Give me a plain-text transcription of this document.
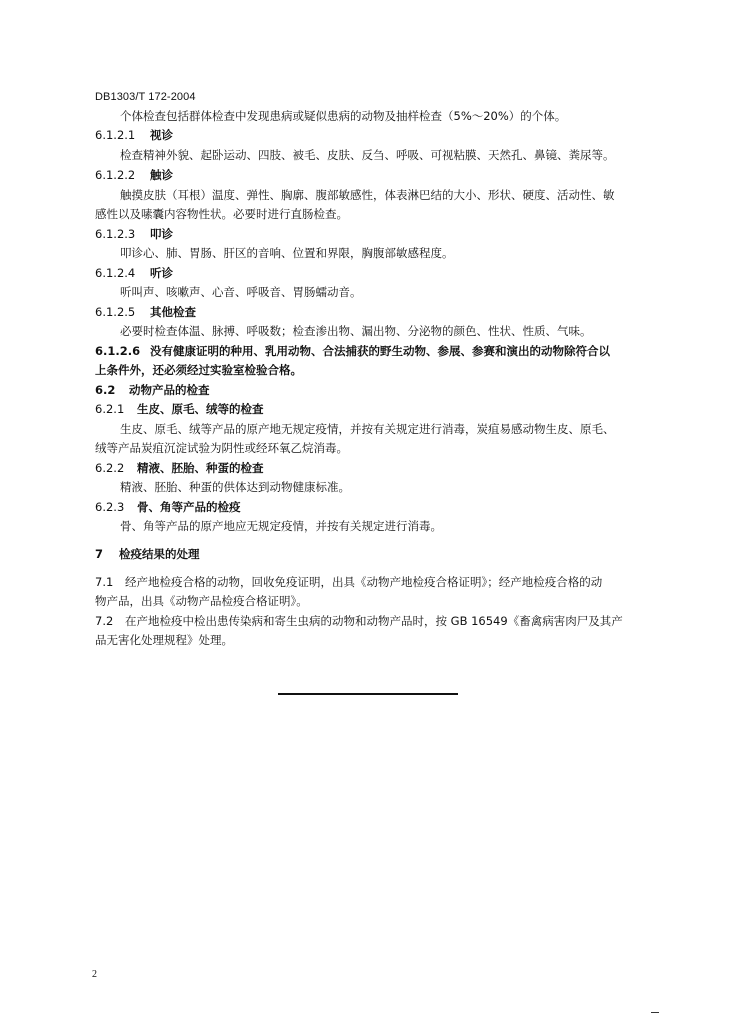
DB1303/T 172-2004
个体检查包括群体检查中发现患病或疑似患病的动物及抽样检查（5%～20%）的个体。
6.1.2.1 视诊
检查精神外貌、起卧运动、四肢、被毛、皮肤、反刍、呼吸、可视粘膜、天然孔、鼻镜、粪尿等。
6.1.2.2 触诊
触摸皮肤（耳根）温度、弹性、胸廓、腹部敏感性，体表淋巴结的大小、形状、硬度、活动性、敏
感性以及嗉囊内容物性状。必要时进行直肠检查。
6.1.2.3 叩诊
叩诊心、肺、胃肠、肝区的音响、位置和界限，胸腹部敏感程度。
6.1.2.4 听诊
听叫声、咳嗽声、心音、呼吸音、胃肠蠕动音。
6.1.2.5 其他检查
必要时检查体温、脉搏、呼吸数；检查渗出物、漏出物、分泌物的颜色、性状、性质、气味。
6.1.2.6 没有健康证明的种用、乳用动物、合法捕获的野生动物、参展、参赛和演出的动物除符合以
上条件外，还必须经过实验室检验合格。
6.2 动物产品的检查
6.2.1 生皮、原毛、绒等的检查
生皮、原毛、绒等产品的原产地无规定疫情，并按有关规定进行消毒，炭疽易感动物生皮、原毛、
绒等产品炭疽沉淀试验为阴性或经环氧乙烷消毒。
6.2.2 精液、胚胎、种蛋的检查
精液、胚胎、种蛋的供体达到动物健康标准。
6.2.3 骨、角等产品的检疫
骨、角等产品的原产地应无规定疫情，并按有关规定进行消毒。
7 检疫结果的处理
7.1 经产地检疫合格的动物，回收免疫证明，出具《动物产地检疫合格证明》；经产地检疫合格的动
物产品，出具《动物产品检疫合格证明》。
7.2 在产地检疫中检出患传染病和寄生虫病的动物和动物产品时，按 GB 16549《畜禽病害肉尸及其产
品无害化处理规程》处理。
2
